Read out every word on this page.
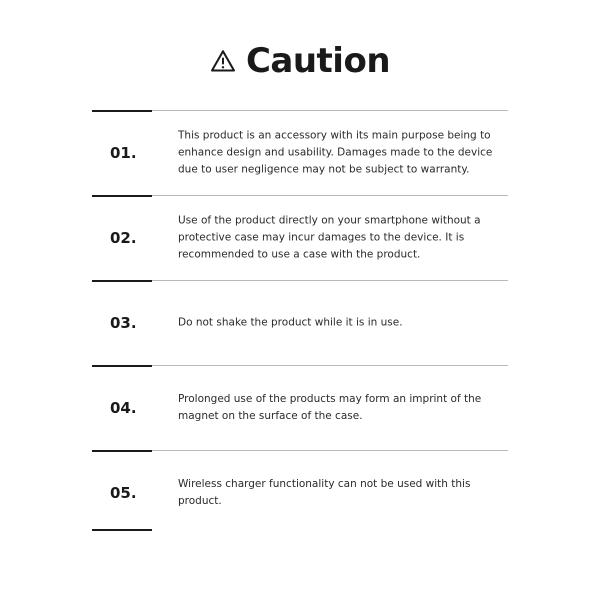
Caution
01.
This product is an accessory with its main purpose being to enhance design and usability. Damages made to the device due to user negligence may not be subject to warranty.
02.
Use of the product directly on your smartphone without a protective case may incur damages to the device. It is recommended to use a case with the product.
03.	Do not shake the product while it is in use.
04.	Prolonged use of the products may form an imprint of the magnet on the surface of the case.
05.	Wireless charger functionality can not be used with this product.
